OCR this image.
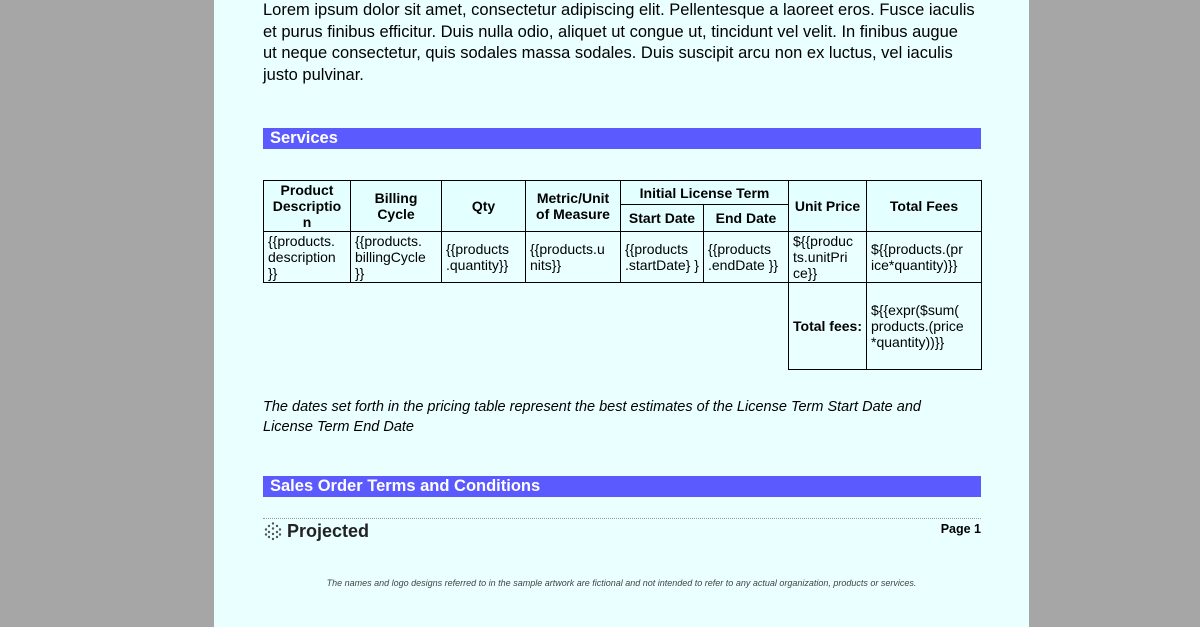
Lorem ipsum dolor sit amet, consectetur adipiscing elit. Pellentesque a laoreet eros. Fusce iaculis et purus finibus efficitur. Duis nulla odio, aliquet ut congue ut, tincidunt vel velit. In finibus augue ut neque consectetur, quis sodales massa sodales. Duis suscipit arcu non ex luctus, vel iaculis justo pulvinar.
Services
Product Descriptio n	Billing Cycle	Qty	Metric/Unit of Measure	Initial License Term		Unit Price	Total Fees
				Start Date	End Date		
{{products. description }}	{{products. billingCycle }}	{{products .quantity}}	{{products.u nits}}	{{products .startDate} }	{{products .endDate }}	${{produc ts.unitPri ce}}	${{products.(pr ice*quantity)}}
						Total fees:	${{expr($sum( products.(price *quantity))}}
The dates set forth in the pricing table represent the best estimates of the License Term Start Date and License Term End Date
Sales Order Terms and Conditions
Projected	Page 1
The names and logo designs referred to in the sample artwork are fictional and not intended to refer to any actual organization, products or services.
